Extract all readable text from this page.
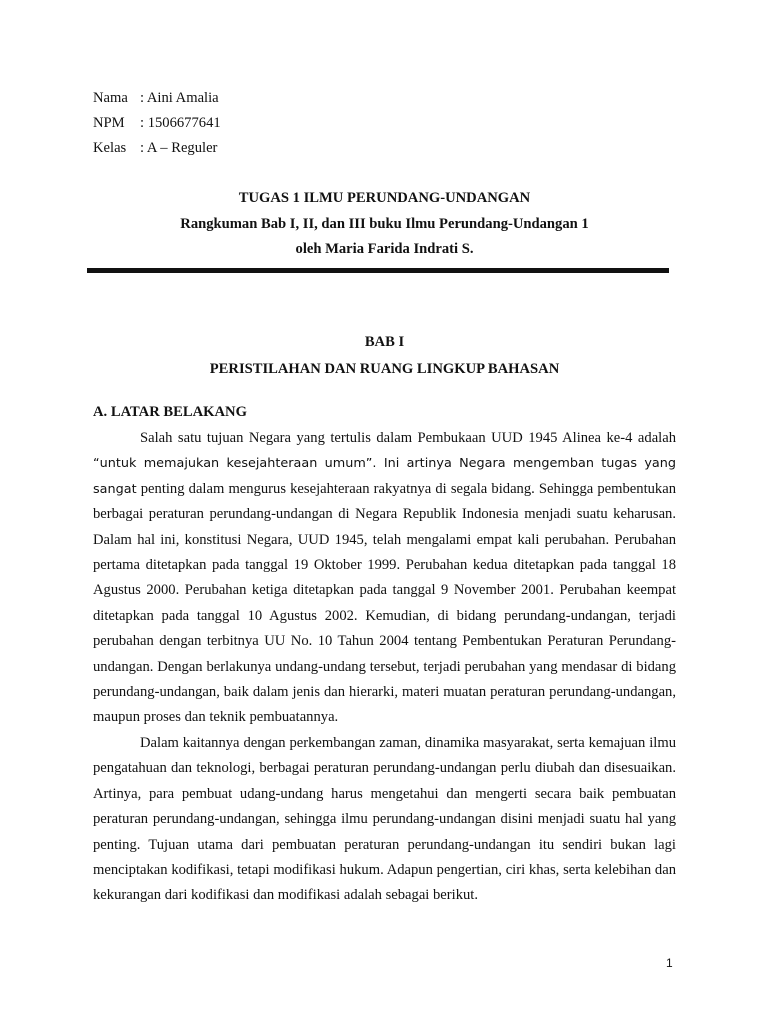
Nama : Aini Amalia
NPM	: 1506677641
Kelas : A – Reguler
TUGAS 1 ILMU PERUNDANG-UNDANGAN
Rangkuman Bab I, II, dan III buku Ilmu Perundang-Undangan 1
oleh Maria Farida Indrati S.
BAB I
PERISTILAHAN DAN RUANG LINGKUP BAHASAN
A. LATAR BELAKANG

Salah satu tujuan Negara yang tertulis dalam Pembukaan UUD 1945 Alinea ke-4 adalah “untuk memajukan kesejahteraan umum”. Ini artinya Negara mengemban tugas yang sangat penting dalam mengurus kesejahteraan rakyatnya di segala bidang. Sehingga pembentukan berbagai peraturan perundang-undangan di Negara Republik Indonesia menjadi suatu keharusan. Dalam hal ini, konstitusi Negara, UUD 1945, telah mengalami empat kali perubahan. Perubahan pertama ditetapkan pada tanggal 19 Oktober 1999. Perubahan kedua ditetapkan pada tanggal 18 Agustus 2000. Perubahan ketiga ditetapkan pada tanggal 9 November 2001. Perubahan keempat ditetapkan pada tanggal 10 Agustus 2002. Kemudian, di bidang perundang-undangan, terjadi perubahan dengan terbitnya UU No. 10 Tahun 2004 tentang Pembentukan Peraturan Perundang-undangan. Dengan berlakunya undang-undang tersebut, terjadi perubahan yang mendasar di bidang perundang-undangan, baik dalam jenis dan hierarki, materi muatan peraturan perundang-undangan, maupun proses dan teknik pembuatannya.

Dalam kaitannya dengan perkembangan zaman, dinamika masyarakat, serta kemajuan ilmu pengatahuan dan teknologi, berbagai peraturan perundang-undangan perlu diubah dan disesuaikan. Artinya, para pembuat udang-undang harus mengetahui dan mengerti secara baik pembuatan peraturan perundang-undangan, sehingga ilmu perundang-undangan disini menjadi suatu hal yang penting. Tujuan utama dari pembuatan peraturan perundang-undangan itu sendiri bukan lagi menciptakan kodifikasi, tetapi modifikasi hukum. Adapun pengertian, ciri khas, serta kelebihan dan kekurangan dari kodifikasi dan modifikasi adalah sebagai berikut.

1
